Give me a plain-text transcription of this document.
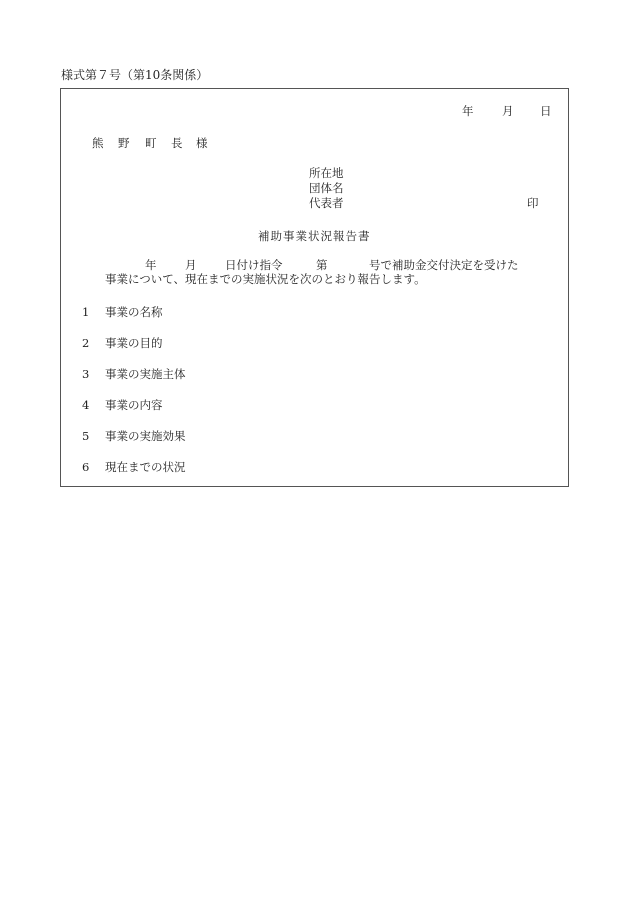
様式第７号（第10条関係）
年 月 日
熊 野 町 長 様
所在地
団体名
代表者	印
補助事業状況報告書
年 月 日付け指令	第	号で補助金交付決定を受けた
事業について、現在までの実施状況を次のとおり報告します。
1 事業の名称
2 事業の目的
3 事業の実施主体
4 事業の内容
5 事業の実施効果
6 現在までの状況
